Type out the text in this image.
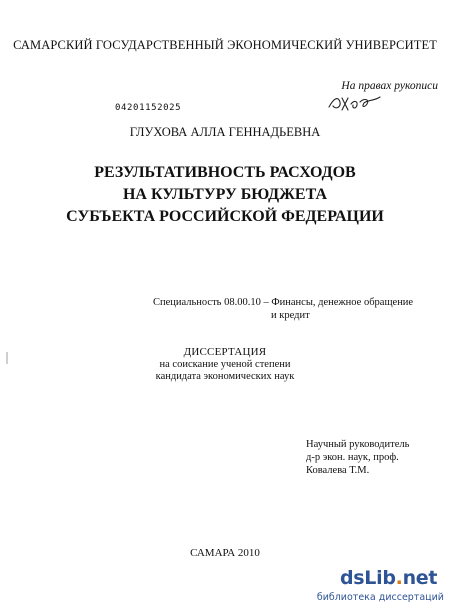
САМАРСКИЙ ГОСУДАРСТВЕННЫЙ ЭКОНОМИЧЕСКИЙ УНИВЕРСИТЕТ
На правах рукописи
04201152025
ГЛУХОВА АЛЛА ГЕННАДЬЕВНА
РЕЗУЛЬТАТИВНОСТЬ РАСХОДОВ
НА КУЛЬТУРУ БЮДЖЕТА
СУБЪЕКТА РОССИЙСКОЙ ФЕДЕРАЦИИ
Специальность 08.00.10 – Финансы, денежное обращение
и кредит
ДИССЕРТАЦИЯ
на соискание ученой степени
кандидата экономических наук
Научный руководитель
д-р экон. наук, проф.
Ковалева Т.М.
САМАРА 2010
dsLib.net
библиотека диссертаций
